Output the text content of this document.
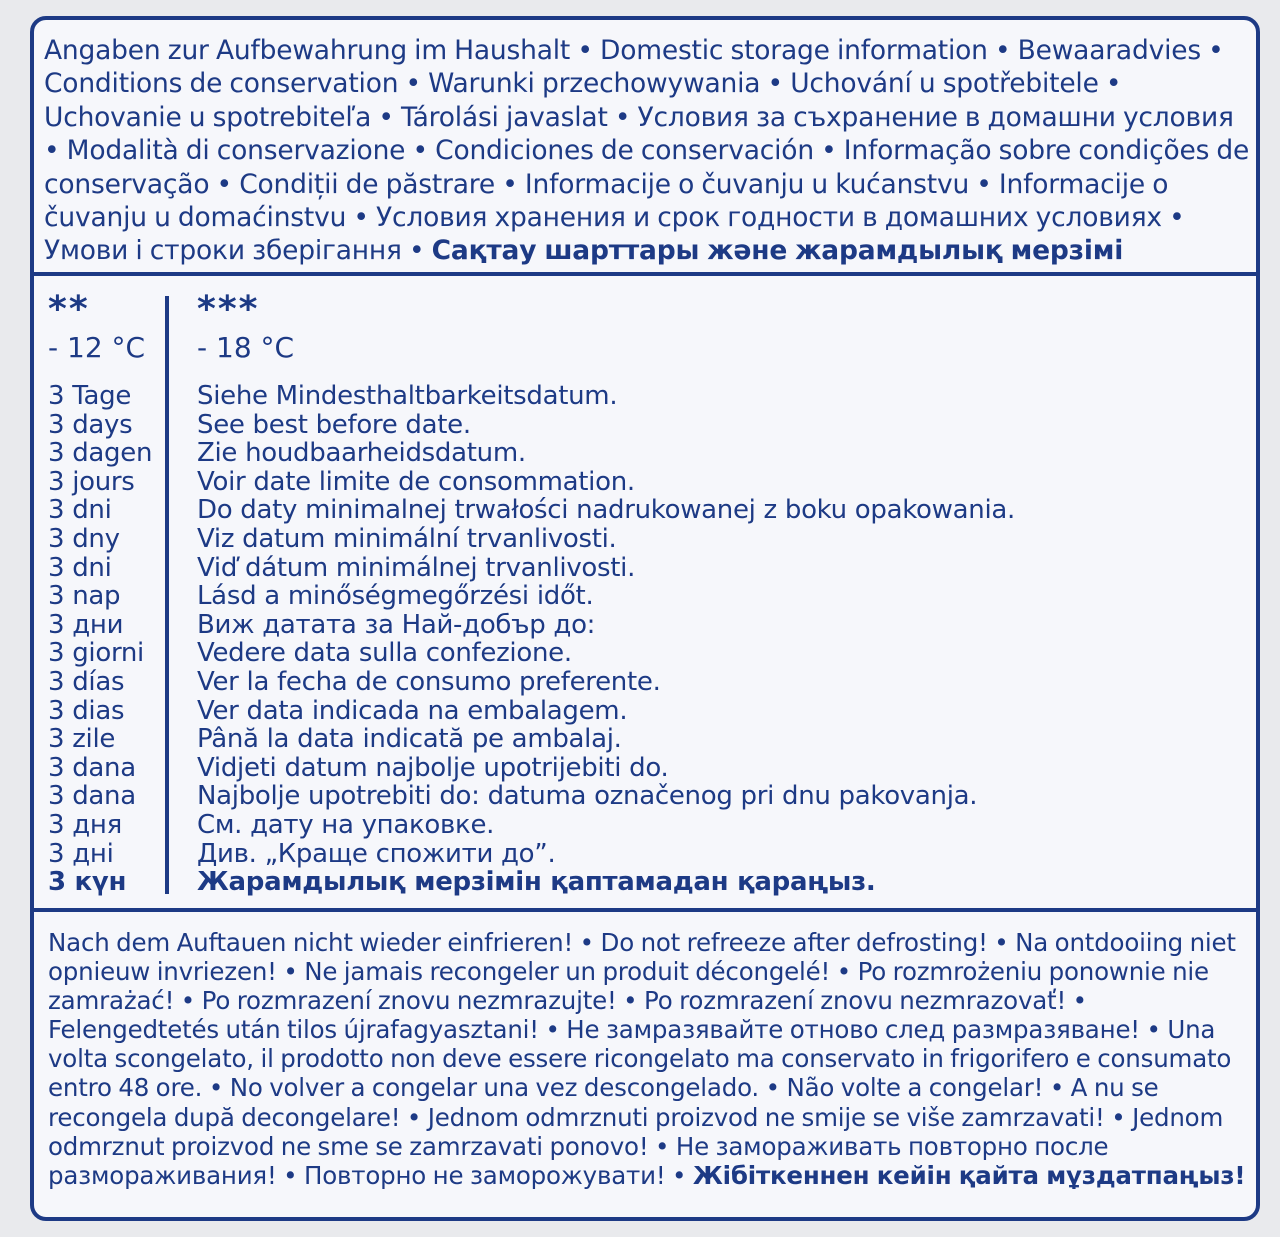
Angaben zur Aufbewahrung im Haushalt • Domestic storage information • Bewaaradvies • Conditions de conservation • Warunki przechowywania • Uchování u spotřebitele • Uchovanie u spotrebiteľa • Tárolási javaslat • Условия за съхранение в домашни условия • Modalità di conservazione • Condiciones de conservación • Informação sobre condições de conservação • Condiții de păstrare • Informacije o čuvanju u kućanstvu • Informacije o čuvanju u domaćinstvu • Условия хранения и срок годности в домашних условиях • Умови і строки зберігання • Сақтау шарттары және жарамдылық мерзімі
**
- 12 °C
***
- 18 °C
3 Tage
3 days
3 dagen
3 jours
3 dni
3 dny
3 dni
3 nap
3 дни
3 giorni
3 días
3 dias
3 zile
3 dana
3 dana
3 дня
3 дні
3 күн
Siehe Mindesthaltbarkeitsdatum.
See best before date.
Zie houdbaarheidsdatum.
Voir date limite de consommation.
Do daty minimalnej trwałości nadrukowanej z boku opakowania.
Viz datum minimální trvanlivosti.
Viď dátum minimálnej trvanlivosti.
Lásd a minőségmegőrzési időt.
Виж датата за Най-добър до:
Vedere data sulla confezione.
Ver la fecha de consumo preferente.
Ver data indicada na embalagem.
Până la data indicată pe ambalaj.
Vidjeti datum najbolje upotrijebiti do.
Najbolje upotrebiti do: datuma označenog pri dnu pakovanja.
См. дату на упаковке.
Див. „Краще спожити до”.
Жарамдылық мерзімін қаптамадан қараңыз.
Nach dem Auftauen nicht wieder einfrieren! • Do not refreeze after defrosting! • Na ontdooiing niet opnieuw invriezen! • Ne jamais recongeler un produit décongelé! • Po rozmrożeniu ponownie nie zamrażać! • Po rozmrazení znovu nezmrazujte! • Po rozmrazení znovu nezmrazovať! • Felengedtetés után tilos újrafagyasztani! • Не замразявайте отново след размразяване! • Una volta scongelato, il prodotto non deve essere ricongelato ma conservato in frigorifero e consumato entro 48 ore. • No volver a congelar una vez descongelado. • Não volte a congelar! • A nu se recongela după decongelare! • Jednom odmrznuti proizvod ne smije se više zamrzavati! • Jednom odmrznut proizvod ne sme se zamrzavati ponovo! • Не замораживать повторно после размораживания! • Повторно не заморожувати! • Жібіткеннен кейін қайта мұздатпаңыз!
